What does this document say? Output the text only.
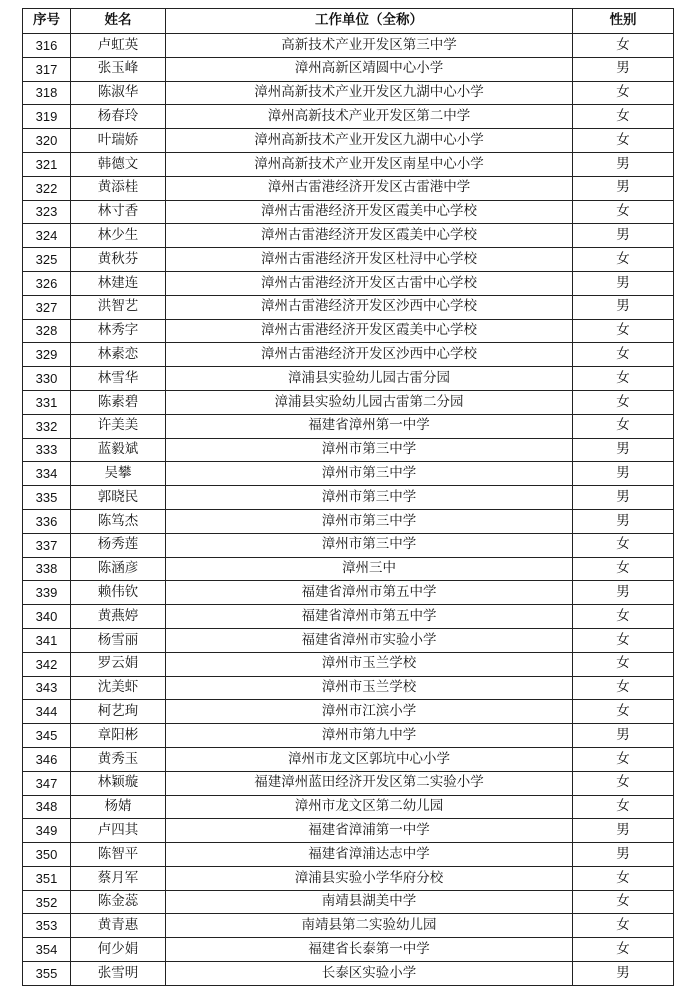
序号	姓名	工作单位（全称）	性别
316	卢虹英	高新技术产业开发区第三中学	女
317	张玉峰	漳州高新区靖圆中心小学	男
318	陈淑华	漳州高新技术产业开发区九湖中心小学	女
319	杨春玲	漳州高新技术产业开发区第二中学	女
320	叶瑞娇	漳州高新技术产业开发区九湖中心小学	女
321	韩德文	漳州高新技术产业开发区南星中心小学	男
322	黄添桂	漳州古雷港经济开发区古雷港中学	男
323	林寸香	漳州古雷港经济开发区霞美中心学校	女
324	林少生	漳州古雷港经济开发区霞美中心学校	男
325	黄秋芬	漳州古雷港经济开发区杜浔中心学校	女
326	林建连	漳州古雷港经济开发区古雷中心学校	男
327	洪智艺	漳州古雷港经济开发区沙西中心学校	男
328	林秀字	漳州古雷港经济开发区霞美中心学校	女
329	林素恋	漳州古雷港经济开发区沙西中心学校	女
330	林雪华	漳浦县实验幼儿园古雷分园	女
331	陈素碧	漳浦县实验幼儿园古雷第二分园	女
332	许美美	福建省漳州第一中学	女
333	蓝毅斌	漳州市第三中学	男
334	吴攀	漳州市第三中学	男
335	郭晓民	漳州市第三中学	男
336	陈笃杰	漳州市第三中学	男
337	杨秀莲	漳州市第三中学	女
338	陈涵彦	漳州三中	女
339	赖伟钦	福建省漳州市第五中学	男
340	黄燕婷	福建省漳州市第五中学	女
341	杨雪丽	福建省漳州市实验小学	女
342	罗云娟	漳州市玉兰学校	女
343	沈美虾	漳州市玉兰学校	女
344	柯艺珣	漳州市江滨小学	女
345	章阳彬	漳州市第九中学	男
346	黄秀玉	漳州市龙文区郭坑中心小学	女
347	林颖璇	福建漳州蓝田经济开发区第二实验小学	女
348	杨婧	漳州市龙文区第二幼儿园	女
349	卢四其	福建省漳浦第一中学	男
350	陈智平	福建省漳浦达志中学	男
351	蔡月军	漳浦县实验小学华府分校	女
352	陈金蕊	南靖县湖美中学	女
353	黄青惠	南靖县第二实验幼儿园	女
354	何少娟	福建省长泰第一中学	女
355	张雪明	长泰区实验小学	男
